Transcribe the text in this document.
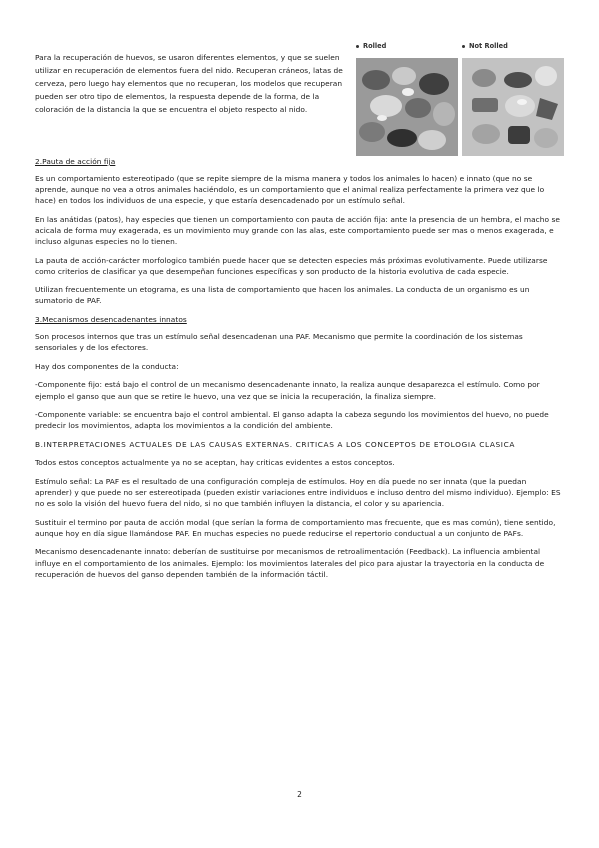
Para la recuperación de huevos, se usaron diferentes elementos, y que se suelen utilizar en recuperación de elementos fuera del nido. Recuperan cráneos, latas de cerveza, pero luego hay elementos que no recuperan, los modelos que recuperan pueden ser otro tipo de elementos, la respuesta depende de la forma, de la coloración de la distancia la que se encuentra el objeto respecto al nido.
Rolled	Not Rolled

2.Pauta de acción fija

Es un comportamiento estereotipado (que se repite siempre de la misma manera y todos los animales lo hacen) e innato (que no se aprende, aunque no vea a otros animales haciéndolo, es un comportamiento que el animal realiza perfectamente la primera vez que lo hace) en todos los individuos de una especie, y que estaría desencadenado por un estímulo señal.

En las anátidas (patos), hay especies que tienen un comportamiento con pauta de acción fija: ante la presencia de un hembra, el macho se acicala de forma muy exagerada, es un movimiento muy grande con las alas, este comportamiento puede ser mas o menos exagerada, e incluso algunas especies no lo tienen.

La pauta de acción-carácter morfologico también puede hacer que se detecten especies más próximas evolutivamente. Puede utilizarse como criterios de clasificar ya que desempeñan funciones específicas y son producto de la historia evolutiva de cada especie.

Utilizan frecuentemente un etograma, es una lista de comportamiento que hacen los animales. La conducta de un organismo es un sumatorio de PAF.

3.Mecanismos desencadenantes innatos

Son procesos internos que tras un estímulo señal desencadenan una PAF. Mecanismo que permite la coordinación de los sistemas sensoriales y de los efectores.

Hay dos componentes de la conducta:

-Componente fijo: está bajo el control de un mecanismo desencadenante innato, la realiza aunque desaparezca el estímulo. Como por ejemplo el ganso que aun que se retire le huevo, una vez que se inicia la recuperación, la finaliza siempre.

-Componente variable: se encuentra bajo el control ambiental. El ganso adapta la cabeza segundo los movimientos del huevo, no puede predecir los movimientos, adapta los movimientos a la condición del ambiente.

B.INTERPRETACIONES ACTUALES DE LAS CAUSAS EXTERNAS. CRITICAS A LOS CONCEPTOS DE ETOLOGIA CLASICA

Todos estos conceptos actualmente ya no se aceptan, hay criticas evidentes a estos conceptos.

Estímulo señal: La PAF es el resultado de una configuración compleja de estímulos. Hoy en día puede no ser innata (que la puedan aprender) y que puede no ser estereotipada (pueden existir variaciones entre individuos e incluso dentro del mismo individuo). Ejemplo: ES no es solo la visión del huevo fuera del nido, si no que también influyen la distancia, el color y su apariencia.

Sustituir el termino por pauta de acción modal (que serían la forma de comportamiento mas frecuente, que es mas común), tiene sentido, aunque hoy en día sigue llamándose PAF. En muchas especies no puede reducirse el repertorio conductual a un conjunto de PAFs.

Mecanismo desencadenante innato: deberían de sustituirse por mecanismos de retroalimentación (Feedback). La influencia ambiental influye en el comportamiento de los animales. Ejemplo: los movimientos laterales del pico para ajustar la trayectoria en la conducta de recuperación de huevos del ganso dependen también de la información táctil.

2
